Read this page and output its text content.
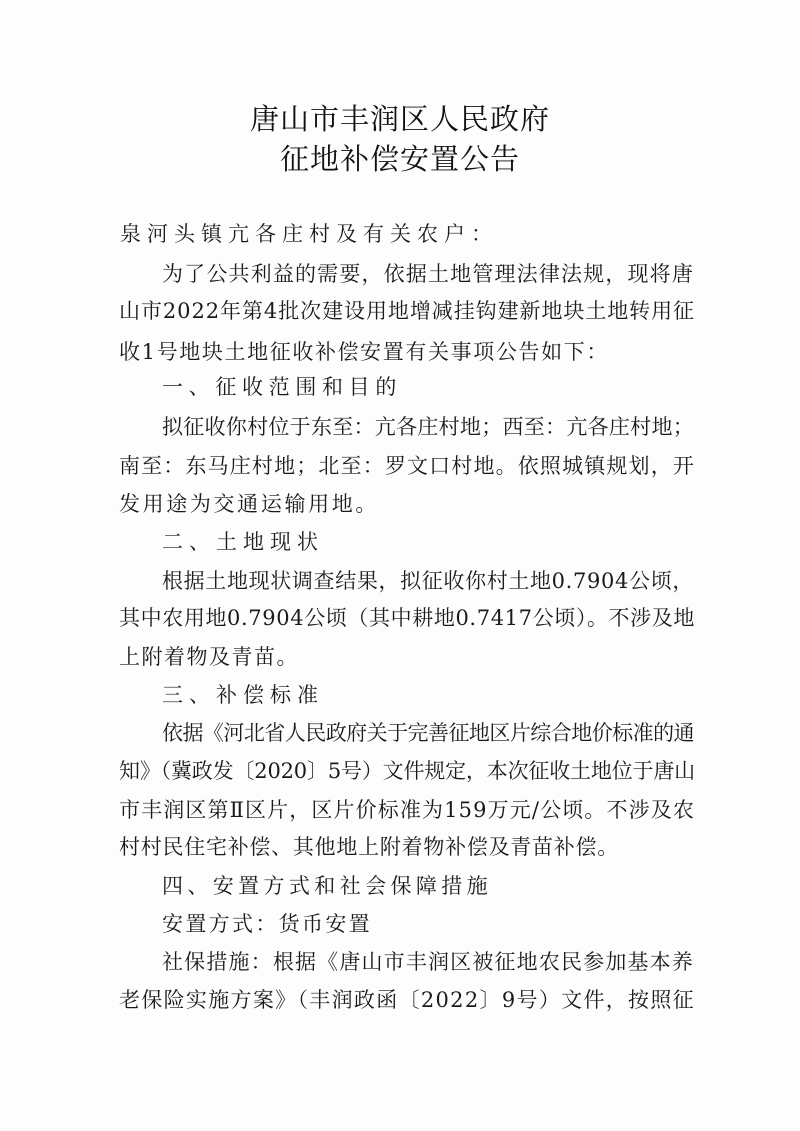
唐山市丰润区人民政府
征地补偿安置公告
泉河头镇亢各庄村及有关农户：
为了公共利益的需要，依据土地管理法律法规，现将唐
山市2022年第4批次建设用地增减挂钩建新地块土地转用征
收1号地块土地征收补偿安置有关事项公告如下：
一、征收范围和目的
拟征收你村位于东至：亢各庄村地；西至：亢各庄村地；
南至：东马庄村地；北至：罗文口村地。依照城镇规划，开
发用途为交通运输用地。
二、土地现状
根据土地现状调查结果，拟征收你村土地0.7904公顷，
其中农用地0.7904公顷（其中耕地0.7417公顷）。不涉及地
上附着物及青苗。
三、补偿标准
依据《河北省人民政府关于完善征地区片综合地价标准的通
知》（冀政发〔2020〕5号）文件规定，本次征收土地位于唐山
市丰润区第Ⅱ区片，区片价标准为159万元/公顷。不涉及农
村村民住宅补偿、其他地上附着物补偿及青苗补偿。
四、安置方式和社会保障措施
安置方式：货币安置
社保措施：根据《唐山市丰润区被征地农民参加基本养
老保险实施方案》（丰润政函〔2022〕9号）文件，按照征
